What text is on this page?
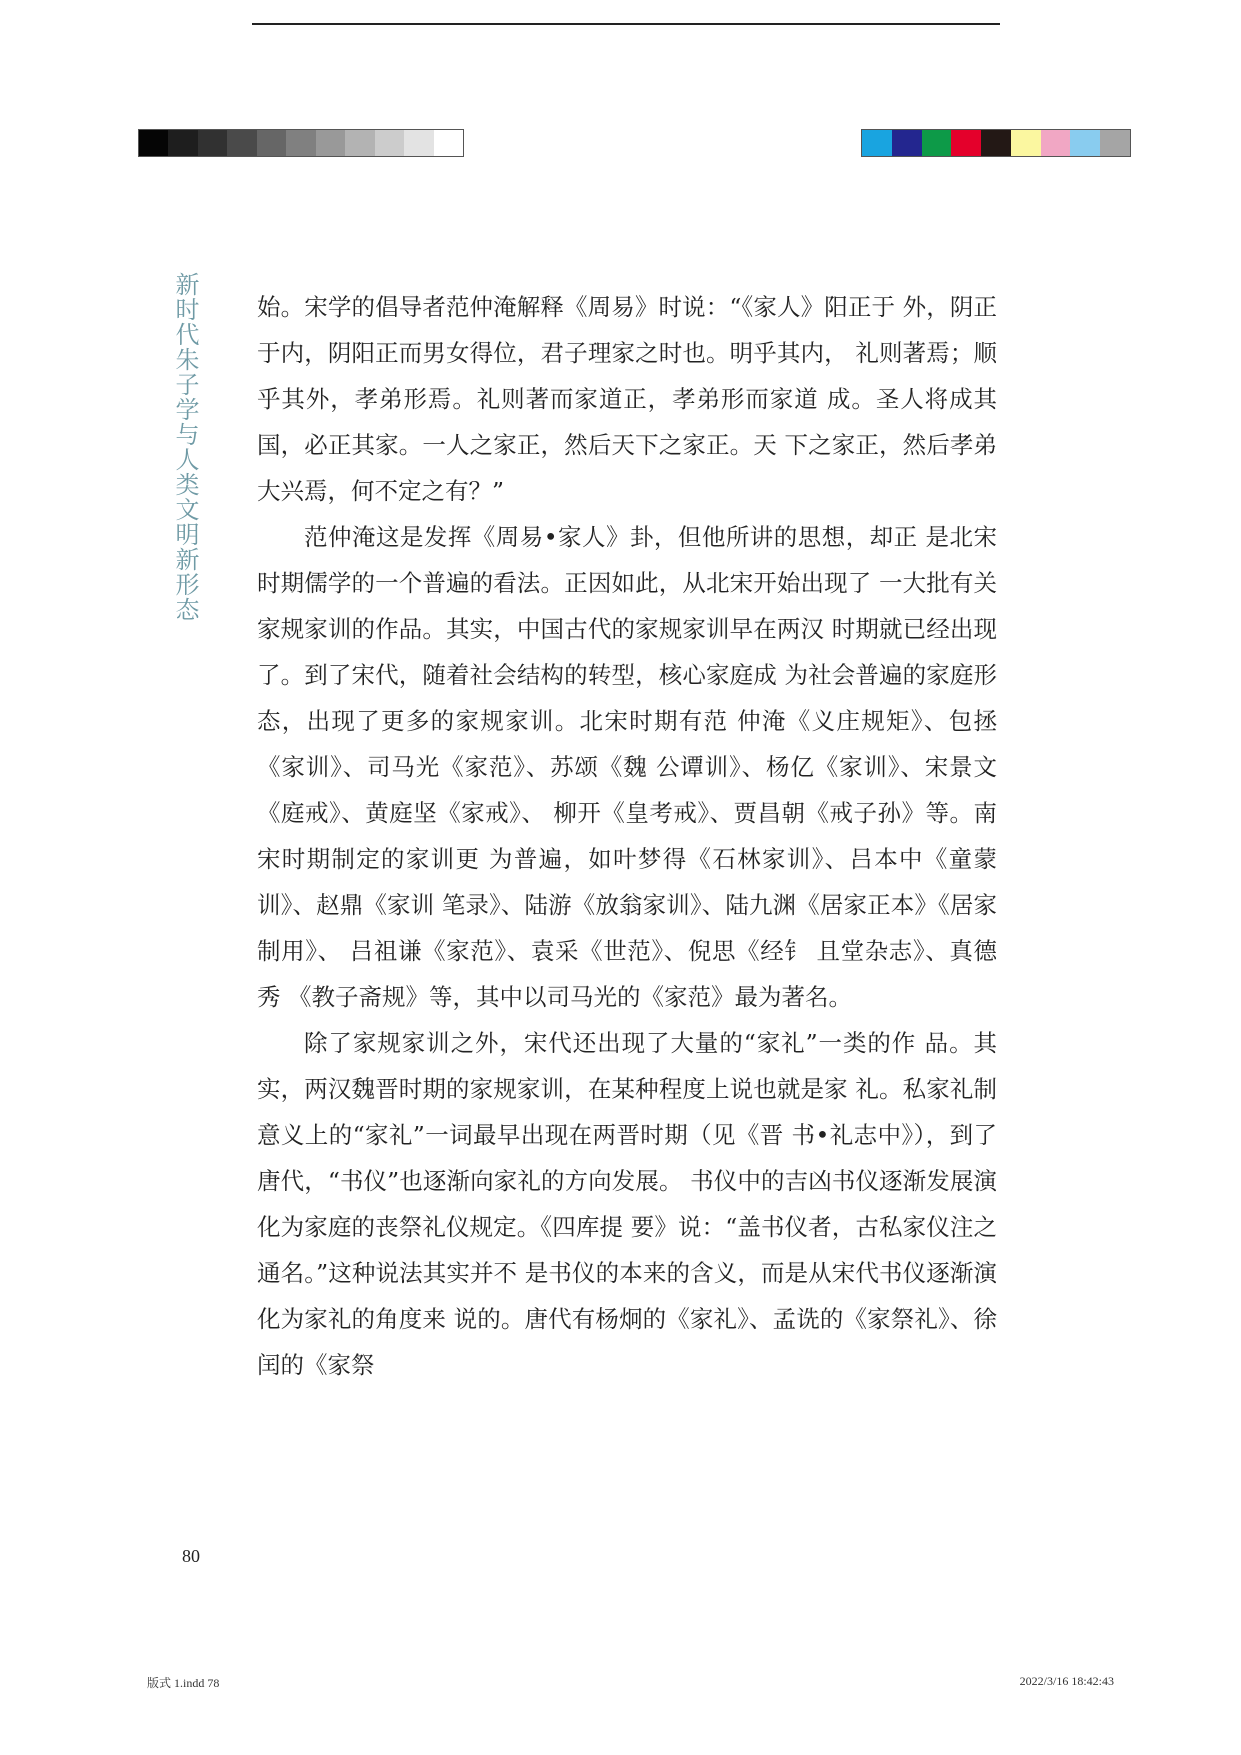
新时代朱子学与人类文明新形态 始。宋学的倡导者范仲淹解释《周易》时说：“《家人》阳正于 外，阴正于内，阴阳正而男女得位，君子理家之时也。明乎其内， 礼则著焉；顺乎其外，孝弟形焉。礼则著而家道正，孝弟形而家道 成。圣人将成其国，必正其家。一人之家正，然后天下之家正。天 下之家正，然后孝弟大兴焉，何不定之有？”

范仲淹这是发挥《周易•家人》卦，但他所讲的思想，却正 是北宋时期儒学的一个普遍的看法。正因如此，从北宋开始出现了 一大批有关家规家训的作品。其实，中国古代的家规家训早在两汉 时期就已经出现了。到了宋代，随着社会结构的转型，核心家庭成 为社会普遍的家庭形态，出现了更多的家规家训。北宋时期有范 仲淹《义庄规矩》、包拯《家训》、司马光《家范》、苏颂《魏 公谭训》、杨亿《家训》、宋景文《庭戒》、黄庭坚《家戒》、 柳开《皇考戒》、贾昌朝《戒子孙》等。南宋时期制定的家训更 为普遍，如叶梦得《石林家训》、吕本中《童蒙训》、赵鼎《家训 笔录》、陆游《放翁家训》、陆九渊《居家正本》《居家制用》、 吕祖谦《家范》、袁采《世范》、倪思《经钅 且堂杂志》、真德秀 《教子斋规》等，其中以司马光的《家范》最为著名。

除了家规家训之外，宋代还出现了大量的“家礼”一类的作 品。其实，两汉魏晋时期的家规家训，在某种程度上说也就是家 礼。私家礼制意义上的“家礼”一词最早出现在两晋时期（见《晋 书•礼志中》），到了唐代，“书仪”也逐渐向家礼的方向发展。 书仪中的吉凶书仪逐渐发展演化为家庭的丧祭礼仪规定。《四库提 要》说：“盖书仪者，古私家仪注之通名。”这种说法其实并不 是书仪的本来的含义，而是从宋代书仪逐渐演化为家礼的角度来 说的。唐代有杨炯的《家礼》、孟诜的《家祭礼》、徐闰的《家祭

80
版式 1.indd 78	2022/3/16 18:42:43
